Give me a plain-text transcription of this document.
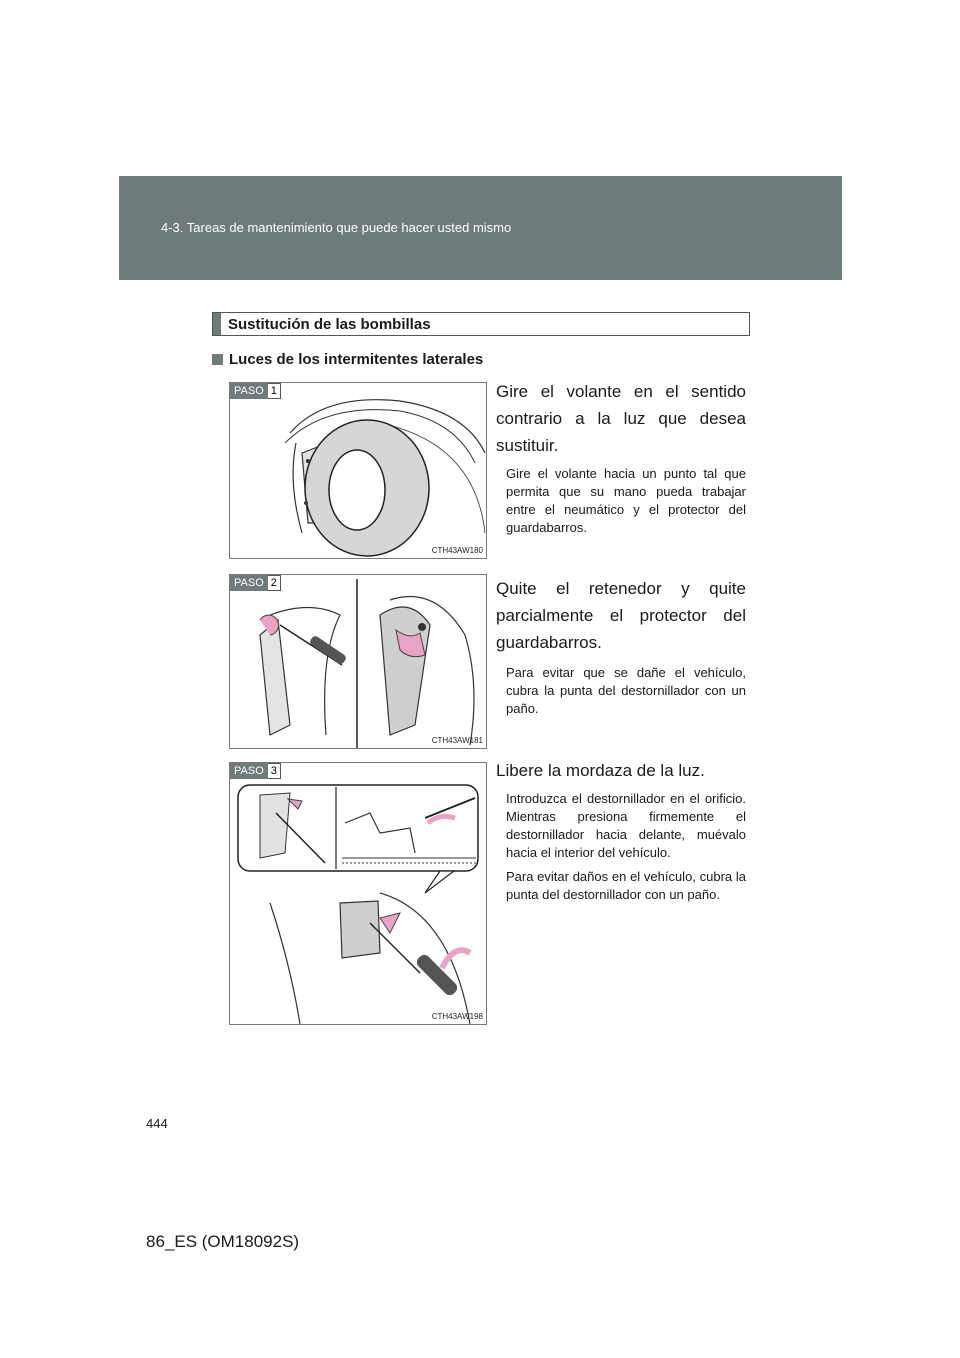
4-3. Tareas de mantenimiento que puede hacer usted mismo
Sustitución de las bombillas
Luces de los intermitentes laterales
PASO 1
CTH43AW180

Gire el volante en el sentido contrario a la luz que desea sustituir.

Gire el volante hacia un punto tal que permita que su mano pueda trabajar entre el neumático y el protector del guardabarros.

PASO 2
CTH43AW181

Quite el retenedor y quite parcialmente el protector del guardabarros.

Para evitar que se dañe el vehículo, cubra la punta del destornillador con un paño.

PASO 3
CTH43AW198

Libere la mordaza de la luz.

Introduzca el destornillador en el orificio. Mientras presiona firmemente el destornillador hacia delante, muévalo hacia el interior del vehículo.

Para evitar daños en el vehículo, cubra la punta del destornillador con un paño.

444
86_ES (OM18092S)
